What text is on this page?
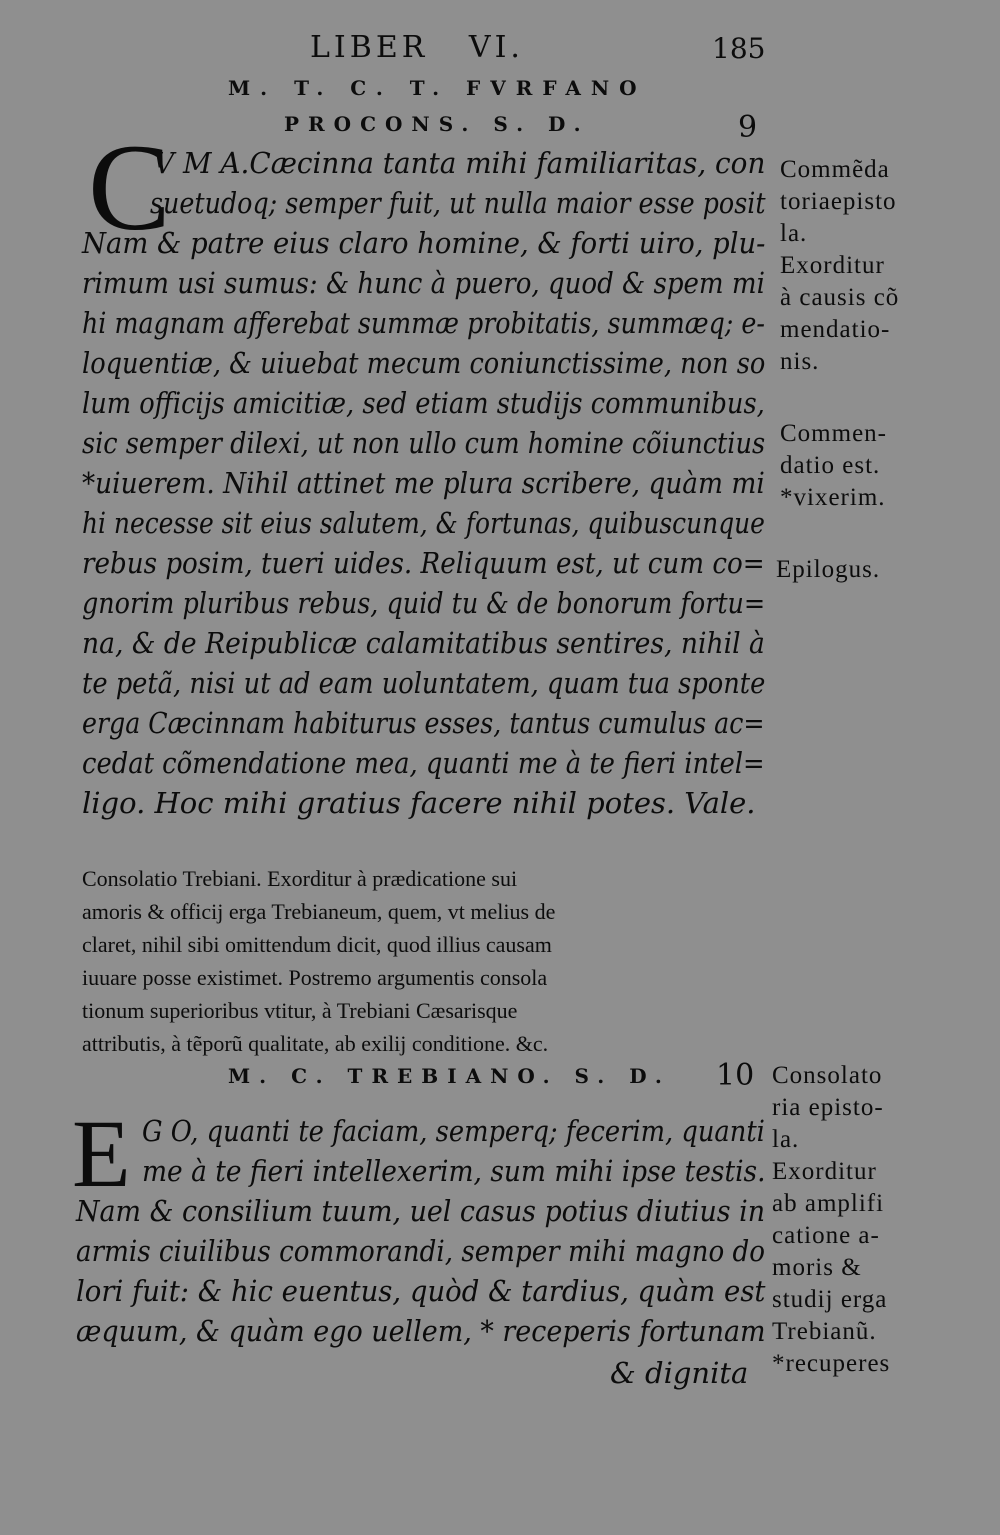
LIBER   VI.	185
M. T. C. T. FVRFANO
PROCONS. S. D.	9
C
V M A.Cæcinna tanta mihi familiaritas, con
suetudoq; semper fuit, ut nulla maior esse posit
Nam & patre eius claro homine, & forti uiro, plu-
rimum usi sumus: & hunc à puero, quod & spem mi
hi magnam afferebat summæ probitatis, summæq; e-
loquentiæ, & uiuebat mecum coniunctissime, non so
lum officijs amicitiæ, sed etiam studijs communibus,
sic semper dilexi, ut non ullo cum homine cõiunctius
*uiuerem. Nihil attinet me plura scribere, quàm mi
hi necesse sit eius salutem, & fortunas, quibuscunque
rebus posim, tueri uides. Reliquum est, ut cum co=
gnorim pluribus rebus, quid tu & de bonorum fortu=
na, & de Reipublicæ calamitatibus sentires, nihil à
te petã, nisi ut ad eam uoluntatem, quam tua sponte
erga Cæcinnam habiturus esses, tantus cumulus ac=
cedat cõmendatione mea, quanti me à te fieri intel=
ligo. Hoc mihi gratius facere nihil potes. Vale.
Consolatio Trebiani. Exorditur à prædicatione sui
amoris & officij erga Trebianeum, quem, vt melius de
claret, nihil sibi omittendum dicit, quod illius causam
iuuare posse existimet. Postremo argumentis consola
tionum superioribus vtitur, à Trebiani Cæsarisque
attributis, à tẽporũ qualitate, ab exilij conditione. &c.
M. C. TREBIANO. S. D. 10
E G O, quanti te faciam, semperq; fecerim, quanti
me à te fieri intellexerim, sum mihi ipse testis.
Nam & consilium tuum, uel casus potius diutius in
armis ciuilibus commorandi, semper mihi magno do
lori fuit: & hic euentus, quòd & tardius, quàm est
æquum, & quàm ego uellem, * receperis fortunam
& dignita
Commẽda
toriaepisto
la.
Exorditur
à causis cõ
mendatio-
nis.
Commen-
datio est.
*vixerim.
Epilogus.
Consolato
ria episto-
la.
Exorditur
ab amplifi
catione a-
moris &
studij erga
Trebianũ.
*recuperes
